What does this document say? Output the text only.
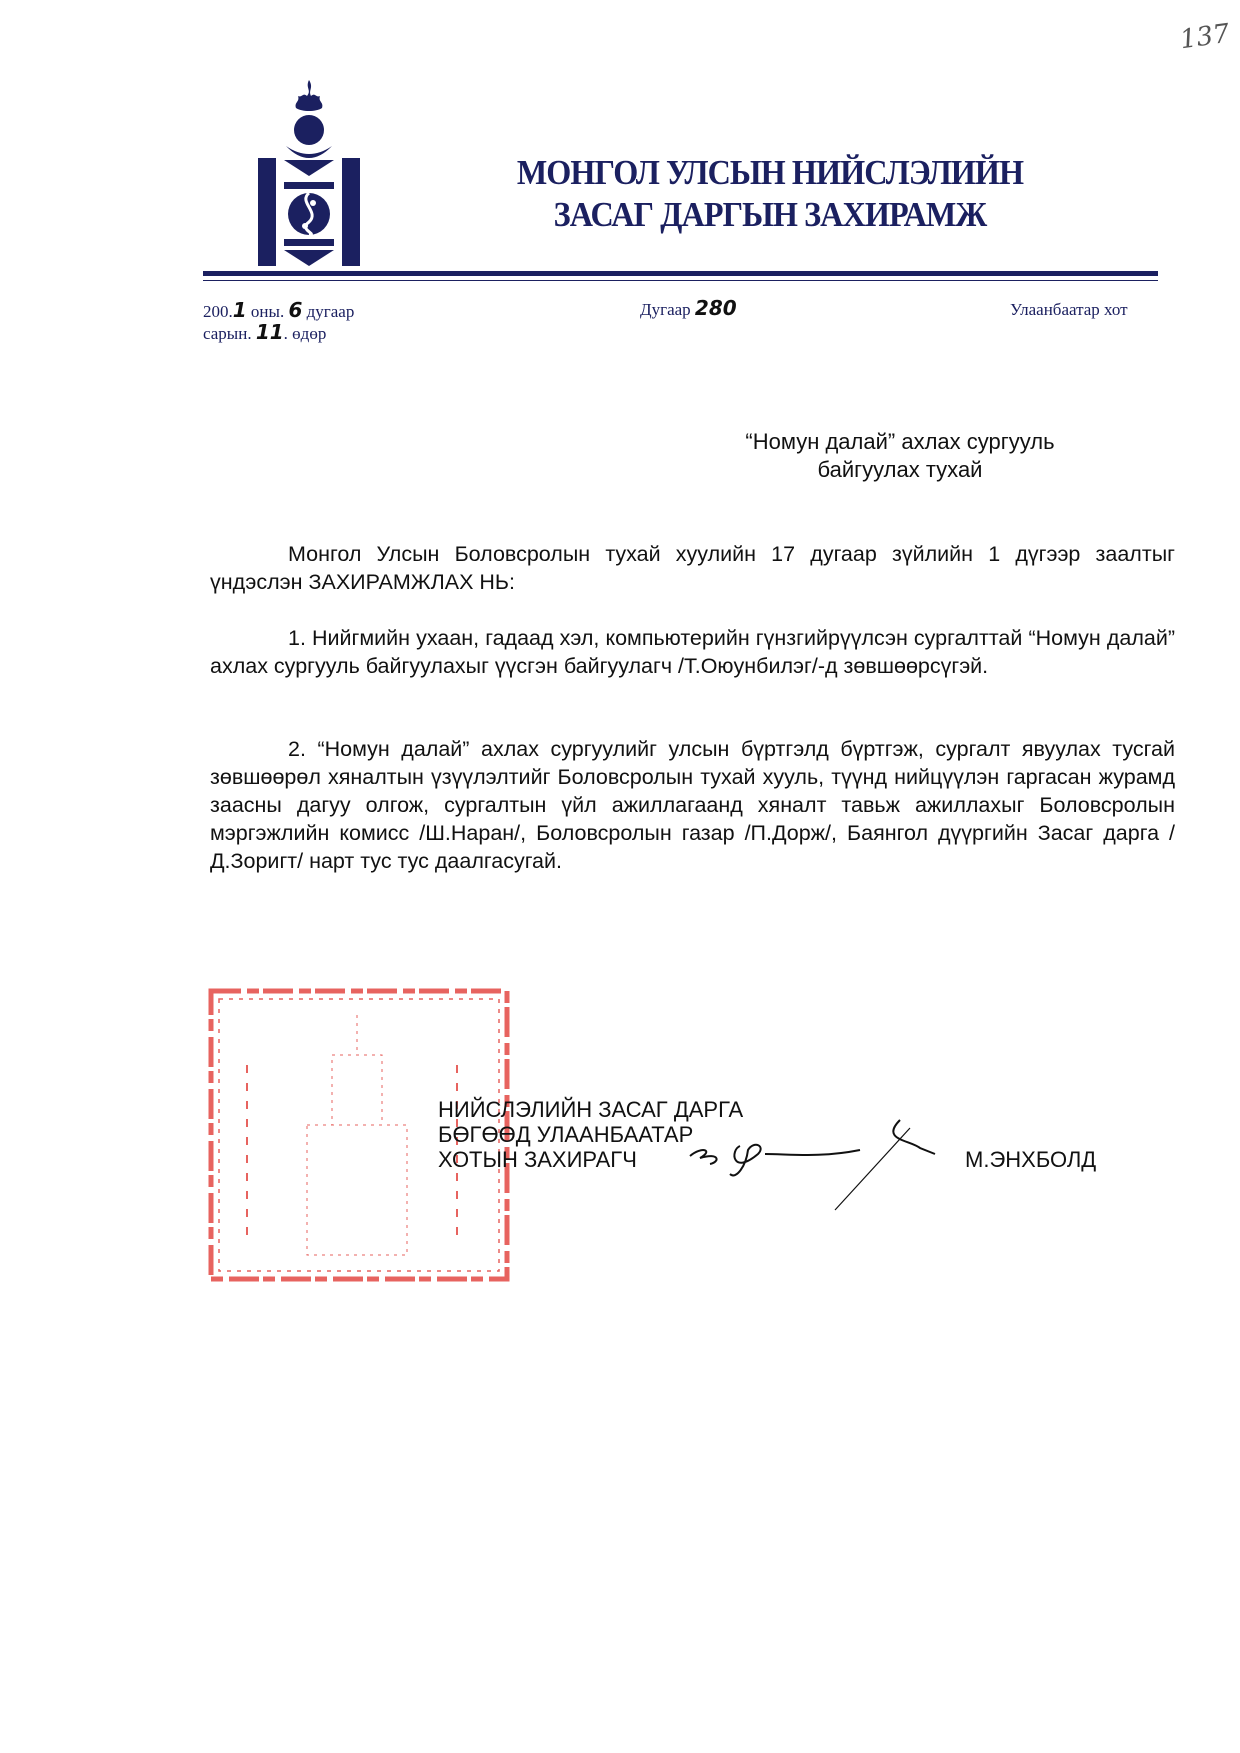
137
МОНГОЛ УЛСЫН НИЙСЛЭЛИЙН
ЗАСАГ ДАРГЫН ЗАХИРАМЖ
200.1 оны. 6 дугаар
сарын. 11. өдөр
Дугаар 280	Улаанбаатар хот
“Номун далай” ахлах сургууль
байгуулах тухай
Монгол Улсын Боловсролын тухай хуулийн 17 дугаар зүйлийн 1 дүгээр заалтыг үндэслэн ЗАХИРАМЖЛАХ НЬ:
1. Нийгмийн ухаан, гадаад хэл, компьютерийн гүнзгийрүүлсэн сургалттай “Номун далай” ахлах сургууль байгуулахыг үүсгэн байгуулагч /Т.Оюунбилэг/-д зөвшөөрсүгэй.
2. “Номун далай” ахлах сургуулийг улсын бүртгэлд бүртгэж, сургалт явуулах тусгай зөвшөөрөл хяналтын үзүүлэлтийг Боловсролын тухай хууль, түүнд нийцүүлэн гаргасан журамд заасны дагуу олгож, сургалтын үйл ажиллагаанд хяналт тавьж ажиллахыг Боловсролын мэргэжлийн комисс /Ш.Наран/, Боловсролын газар /П.Дорж/, Баянгол дүүргийн Засаг дарга /Д.Зоригт/ нарт тус тус даалгасугай.
НИЙСЛЭЛИЙН ЗАСАГ ДАРГА
БӨГӨӨД УЛААНБААТАР
ХОТЫН ЗАХИРАГЧ	М.ЭНХБОЛД
